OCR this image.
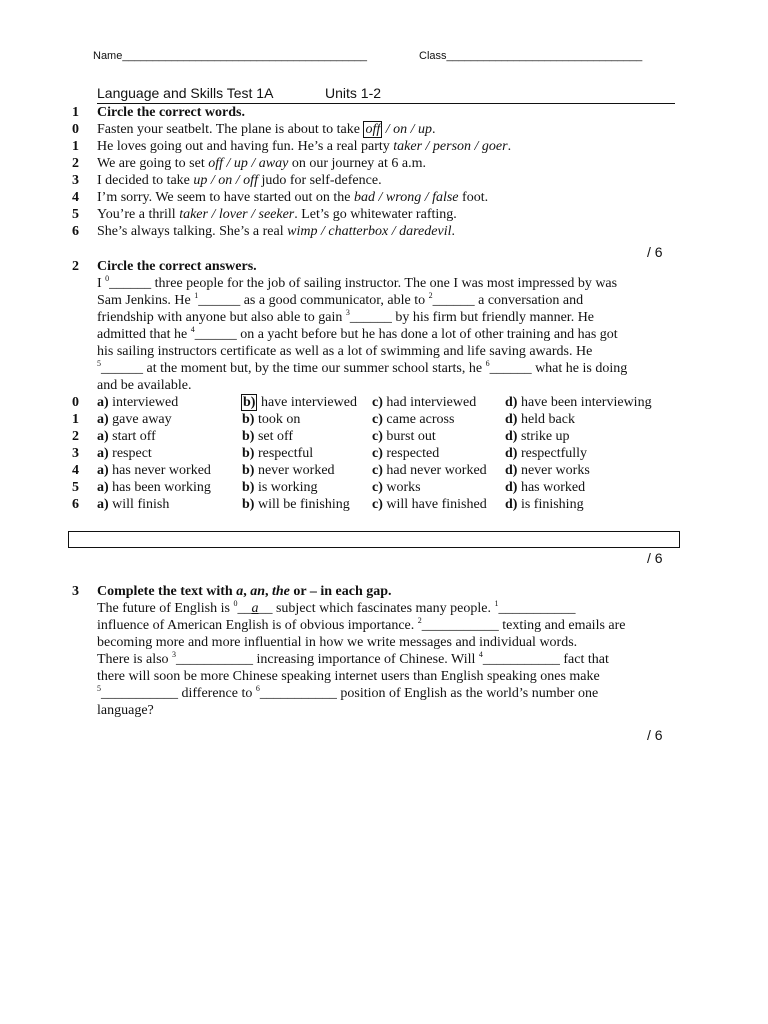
Name________________________________________	Class________________________________
Language and Skills Test 1A	Units 1-2
1 Circle the correct words.
0 Fasten your seatbelt. The plane is about to take off / on / up.
1 He loves going out and having fun. He’s a real party taker / person / goer.
2 We are going to set off / up / away on our journey at 6 a.m.
3 I decided to take up / on / off judo for self-defence.
4 I’m sorry. We seem to have started out on the bad / wrong / false foot.
5 You’re a thrill taker / lover / seeker. Let’s go whitewater rafting.
6 She’s always talking. She’s a real wimp / chatterbox / daredevil.
/ 6
2 Circle the correct answers.
I $^0$______ three people for the job of sailing instructor. The one I was most impressed by was
Sam Jenkins. He $^1$______ as a good communicator, able to $^2$______ a conversation and
friendship with anyone but also able to gain $^3$______ by his firm but friendly manner. He
admitted that he $^4$______ on a yacht before but he has done a lot of other training and has got
his sailing instructors certificate as well as a lot of swimming and life saving awards. He
$^5$______ at the moment but, by the time our summer school starts, he $^6$______ what he is doing
and be available.
0 a) interviewed	b) have interviewed c) had interviewed d) have been interviewing
1 a) gave away	b) took on	c) came across	d) held back
2 a) start off	b) set off	c) burst out	d) strike up
3 a) respect	b) respectful	c) respected	d) respectfully
4 a) has never worked b) never worked	c) had never worked d) never works
5 a) has been working b) is working	c) works	d) has worked
6 a) will finish	b) will be finishing c) will have finished d) is finishing
/ 6
3 Complete the text with a, an, the or – in each gap.
The future of English is $^0$__a__ subject which fascinates many people. $^1$___________
influence of American English is of obvious importance. $^2$___________ texting and emails are
becoming more and more influential in how we write messages and individual words.
There is also $^3$___________ increasing importance of Chinese. Will $^4$___________ fact that
there will soon be more Chinese speaking internet users than English speaking ones make
$^5$___________ difference to $^6$___________ position of English as the world’s number one
language?
/ 6
